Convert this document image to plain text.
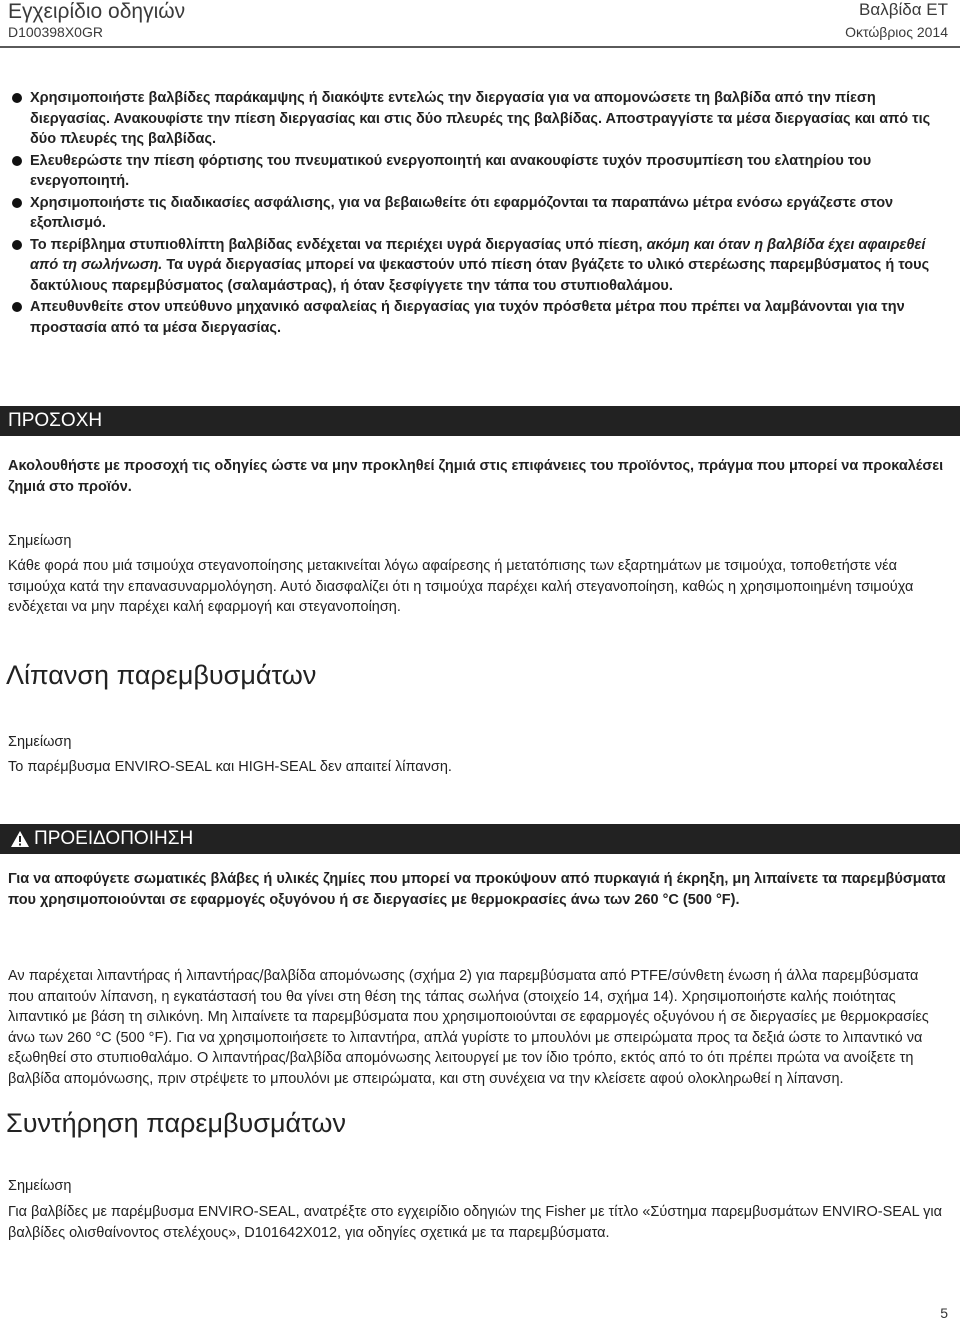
Εγχειρίδιο οδηγιών
D100398X0GR
Βαλβίδα ET
Οκτώβριος 2014
Χρησιμοποιήστε βαλβίδες παράκαμψης ή διακόψτε εντελώς την διεργασία για να απομονώσετε τη βαλβίδα από την πίεση διεργασίας. Ανακουφίστε την πίεση διεργασίας και στις δύο πλευρές της βαλβίδας. Αποστραγγίστε τα μέσα διεργασίας και από τις δύο πλευρές της βαλβίδας.
Ελευθερώστε την πίεση φόρτισης του πνευματικού ενεργοποιητή και ανακουφίστε τυχόν προσυμπίεση του ελατηρίου του ενεργοποιητή.
Χρησιμοποιήστε τις διαδικασίες ασφάλισης, για να βεβαιωθείτε ότι εφαρμόζονται τα παραπάνω μέτρα ενόσω εργάζεστε στον εξοπλισμό.
Το περίβλημα στυπιοθλίπτη βαλβίδας ενδέχεται να περιέχει υγρά διεργασίας υπό πίεση, ακόμη και όταν η βαλβίδα έχει αφαιρεθεί από τη σωλήνωση. Τα υγρά διεργασίας μπορεί να ψεκαστούν υπό πίεση όταν βγάζετε το υλικό στερέωσης παρεμβύσματος ή τους δακτύλιους παρεμβύσματος (σαλαμάστρας), ή όταν ξεσφίγγετε την τάπα του στυπιοθαλάμου.
Απευθυνθείτε στον υπεύθυνο μηχανικό ασφαλείας ή διεργασίας για τυχόν πρόσθετα μέτρα που πρέπει να λαμβάνονται για την προστασία από τα μέσα διεργασίας.
ΠΡΟΣΟΧΗ
Ακολουθήστε με προσοχή τις οδηγίες ώστε να μην προκληθεί ζημιά στις επιφάνειες του προϊόντος, πράγμα που μπορεί να προκαλέσει ζημιά στο προϊόν.
Σημείωση
Κάθε φορά που μιά τσιμούχα στεγανοποίησης μετακινείται λόγω αφαίρεσης ή μετατόπισης των εξαρτημάτων με τσιμούχα, τοποθετήστε νέα τσιμούχα κατά την επανασυναρμολόγηση. Αυτό διασφαλίζει ότι η τσιμούχα παρέχει καλή στεγανοποίηση, καθώς η χρησιμοποιημένη τσιμούχα ενδέχεται να μην παρέχει καλή εφαρμογή και στεγανοποίηση.
Λίπανση παρεμβυσμάτων
Σημείωση
Το παρέμβυσμα ENVIRO-SEAL και HIGH-SEAL δεν απαιτεί λίπανση.
ΠΡΟΕΙΔΟΠΟΙΗΣΗ
Για να αποφύγετε σωματικές βλάβες ή υλικές ζημίες που μπορεί να προκύψουν από πυρκαγιά ή έκρηξη, μη λιπαίνετε τα παρεμβύσματα που χρησιμοποιούνται σε εφαρμογές οξυγόνου ή σε διεργασίες με θερμοκρασίες άνω των 260 °C (500 °F).
Αν παρέχεται λιπαντήρας ή λιπαντήρας/βαλβίδα απομόνωσης (σχήμα 2) για παρεμβύσματα από PTFE/σύνθετη ένωση ή άλλα παρεμβύσματα που απαιτούν λίπανση, η εγκατάστασή του θα γίνει στη θέση της τάπας σωλήνα (στοιχείο 14, σχήμα 14). Χρησιμοποιήστε καλής ποιότητας λιπαντικό με βάση τη σιλικόνη. Μη λιπαίνετε τα παρεμβύσματα που χρησιμοποιούνται σε εφαρμογές οξυγόνου ή σε διεργασίες με θερμοκρασίες άνω των 260 °C (500 °F). Για να χρησιμοποιήσετε το λιπαντήρα, απλά γυρίστε το μπουλόνι με σπειρώματα προς τα δεξιά ώστε το λιπαντικό να εξωθηθεί στο στυπιοθαλάμο. Ο λιπαντήρας/βαλβίδα απομόνωσης λειτουργεί με τον ίδιο τρόπο, εκτός από το ότι πρέπει πρώτα να ανοίξετε τη βαλβίδα απομόνωσης, πριν στρέψετε το μπουλόνι με σπειρώματα, και στη συνέχεια να την κλείσετε αφού ολοκληρωθεί η λίπανση.
Συντήρηση παρεμβυσμάτων
Σημείωση
Για βαλβίδες με παρέμβυσμα ENVIRO-SEAL, ανατρέξτε στο εγχειρίδιο οδηγιών της Fisher με τίτλο «Σύστημα παρεμβυσμάτων ENVIRO-SEAL για βαλβίδες ολισθαίνοντος στελέχους», D101642X012, για οδηγίες σχετικά με τα παρεμβύσματα.
5
